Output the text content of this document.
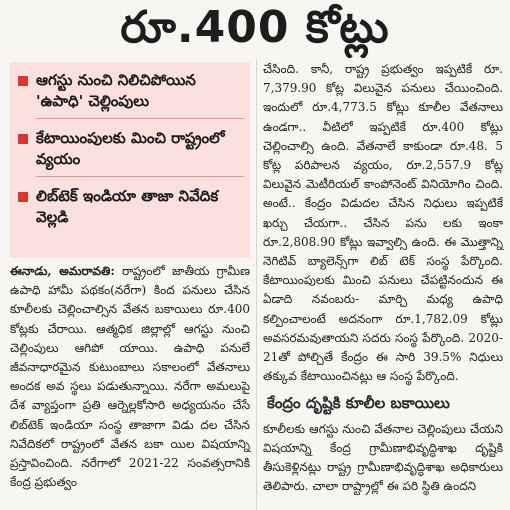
రూ.400 కోట్లు
ఆగస్టు నుంచి నిలిచిపోయిన 'ఉపాధి' చెల్లింపులు
కేటాయింపులకు మించి రాష్ట్రంలో వ్యయం
లిబ్‌టెక్ ఇండియా తాజా నివేదిక వెల్లడి

ఈనాడు, అమరావతి: రాష్ట్రంలో జాతీయ గ్రామీణ ఉపాధి హామీ పథకం(నరేగా) కింద పనులు చేసిన కూలీలకు చెల్లించాల్సిన వేతన బకాయిలు రూ.400 కోట్లకు చేరాయి. ఆత్మధిక జిల్లాల్లో ఆగస్టు నుంచి చెల్లింపులు ఆగిపో యాయి. ఉపాధి పనులే జీవనాధారమైన కుటుంబాలు సకాలంలో వేతనాలు అందక అవ స్థలు పడుతున్నాయి. నరేగా అమలుపై దేశ వ్యాప్తంగా ప్రతి ఆర్నెల్లకోసారి అధ్యయనం చేసే లిబ్‌టెక్ ఇండియా సంస్థ తాజాగా విడు దల చేసిన నివేదికలో రాష్ట్రంలో వేతన బకా యిల విషయాన్ని ప్రస్తావించింది. నరేగాలో 2021-22 సంవత్సరానికి కేంద్ర ప్రభుత్వం

చేసింది. కానీ, రాష్ట్ర ప్రభుత్వం ఇప్పటికే రూ. 7,379.90 కోట్ల విలువైన పనులు చేయించింది. ఇందులో రూ.4,773.5 కోట్లు కూలీల వేతనాలు ఉండగా.. వీటిలో ఇప్పటికే రూ.400 కోట్లు చెల్లించాల్సి ఉంది. వేతనాలే కాకుండా రూ.48. 5 కోట్ల పరిపాలన వ్యయం, రూ.2,557.9 కోట్ల విలువైన మెటీరియల్ కాంపోనెంట్ వినియోగిం చింది. అంటే.. కేంద్రం విడుదల చేసిన నిధులు ఇప్పటికే ఖర్చు చేయగా.. చేసిన పను లకు ఇంకా రూ.2,808.90 కోట్లు ఇవ్వాల్సి ఉంది. ఈ మొత్తాన్ని నెగిటివ్ బ్యాలెన్స్‌గా లిబ్ టెక్ సంస్థ పేర్కొంది. కేటాయింపులకు మించి పనులు చేపట్టినందున ఈ ఏడాది నవంబరు- మార్చి మధ్య ఉపాధి కల్పించాలంటే అదనంగా రూ.1,782.09 కోట్లు అవసరమవుతాయని సదరు సంస్థ పేర్కొంది. 2020-21తో పోల్చితే కేంద్రం ఈ సారి 39.5% నిధులు తక్కువ కేటాయించినట్లు ఆ సంస్థ పేర్కొంది.

కేంద్రం దృష్టికి కూలీల బకాయిలు

కూలీలకు ఆగస్టు నుంచి వేతనాల చెల్లింపులు చేయని విషయాన్ని కేంద్ర గ్రామీణాభివృద్ధిశాఖ దృష్టికి తీసుకెళ్లినట్లు రాష్ట్ర గ్రామీణాభివృద్ధిశాఖ అధికారులు తెలిపారు. చాలా రాష్ట్రాల్లో ఈ పరి స్థితి ఉందని
